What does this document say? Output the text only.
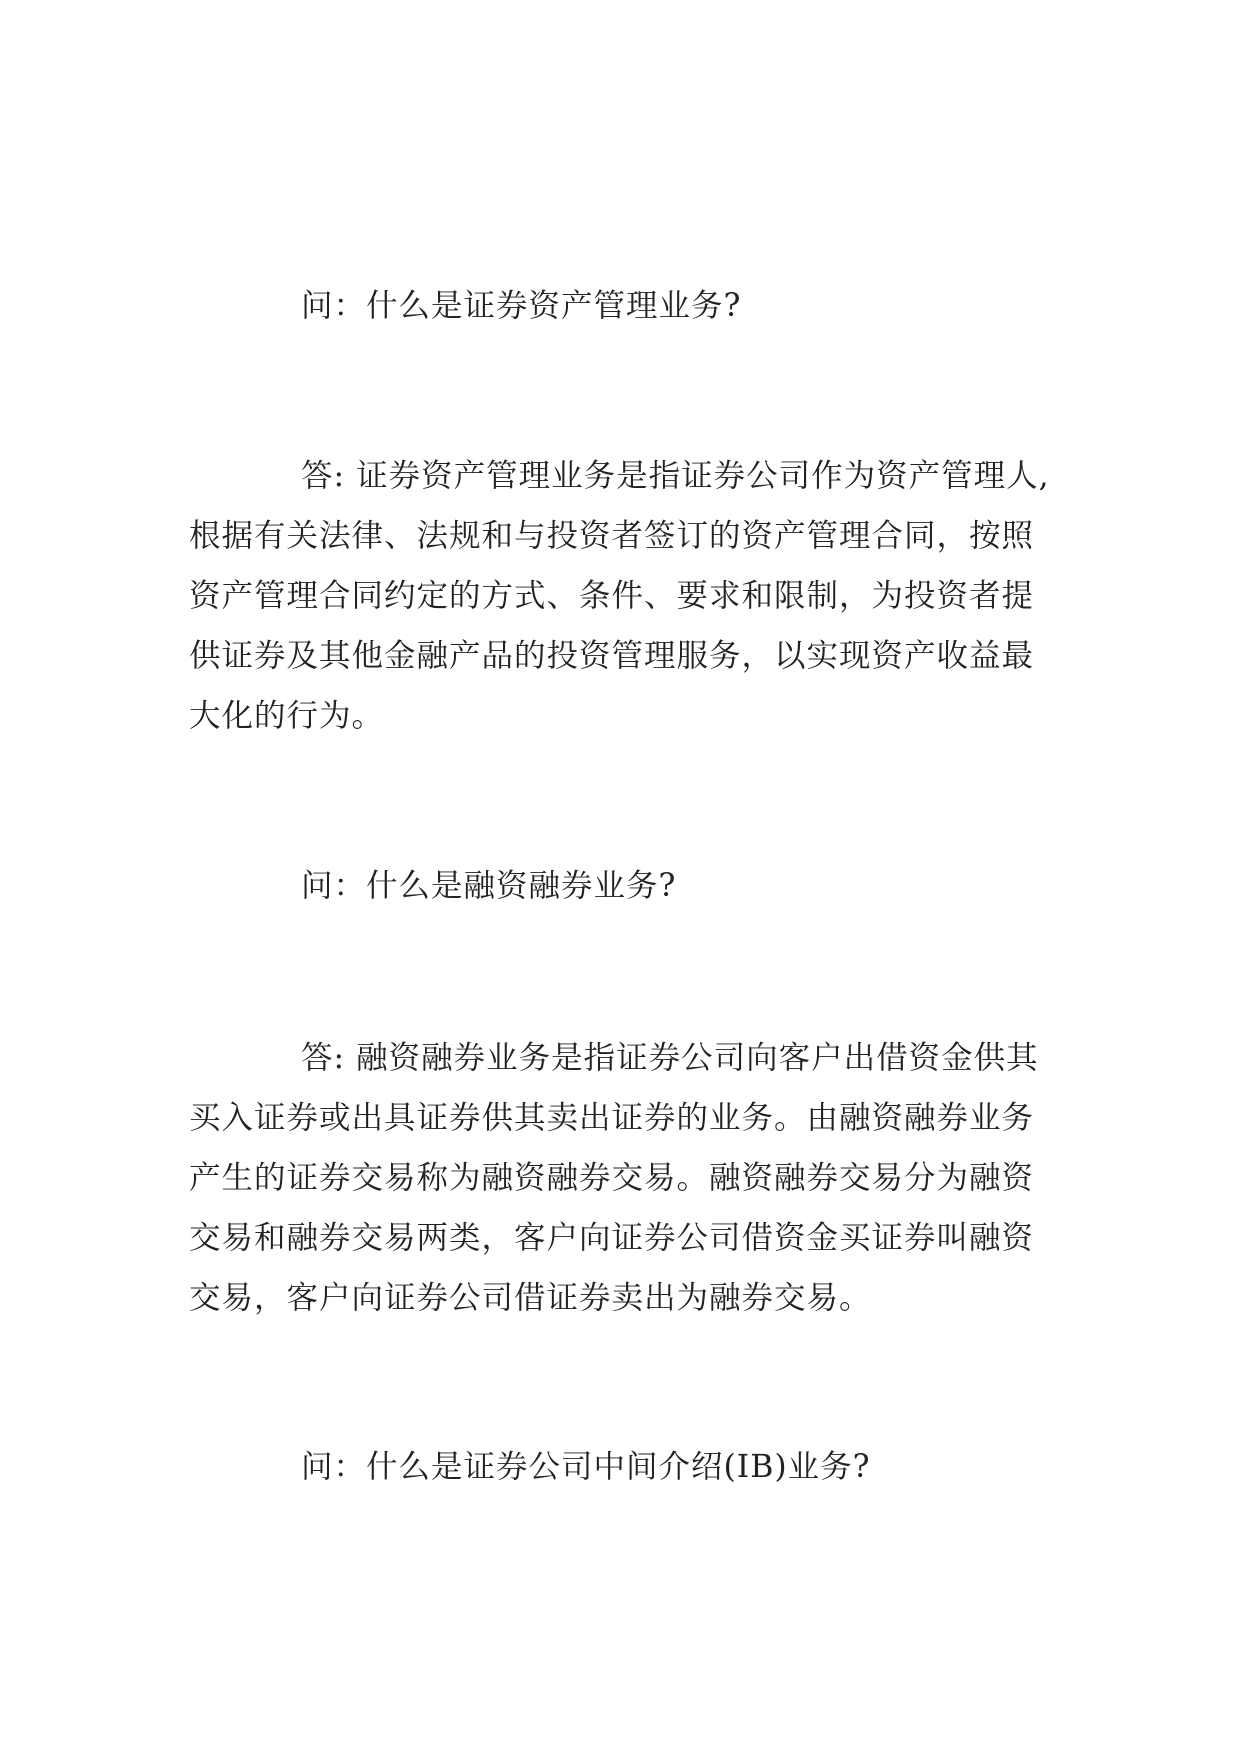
问：什么是证券资产管理业务?

答: 证券资产管理业务是指证券公司作为资产管理人,
根据有关法律、法规和与投资者签订的资产管理合同，按照
资产管理合同约定的方式、条件、要求和限制，为投资者提
供证券及其他金融产品的投资管理服务，以实现资产收益最
大化的行为。

问：什么是融资融券业务?

答: 融资融券业务是指证券公司向客户出借资金供其
买入证券或出具证券供其卖出证券的业务。由融资融券业务
产生的证券交易称为融资融券交易。融资融券交易分为融资
交易和融券交易两类，客户向证券公司借资金买证券叫融资
交易，客户向证券公司借证券卖出为融券交易。

问：什么是证券公司中间介绍(IB)业务?
